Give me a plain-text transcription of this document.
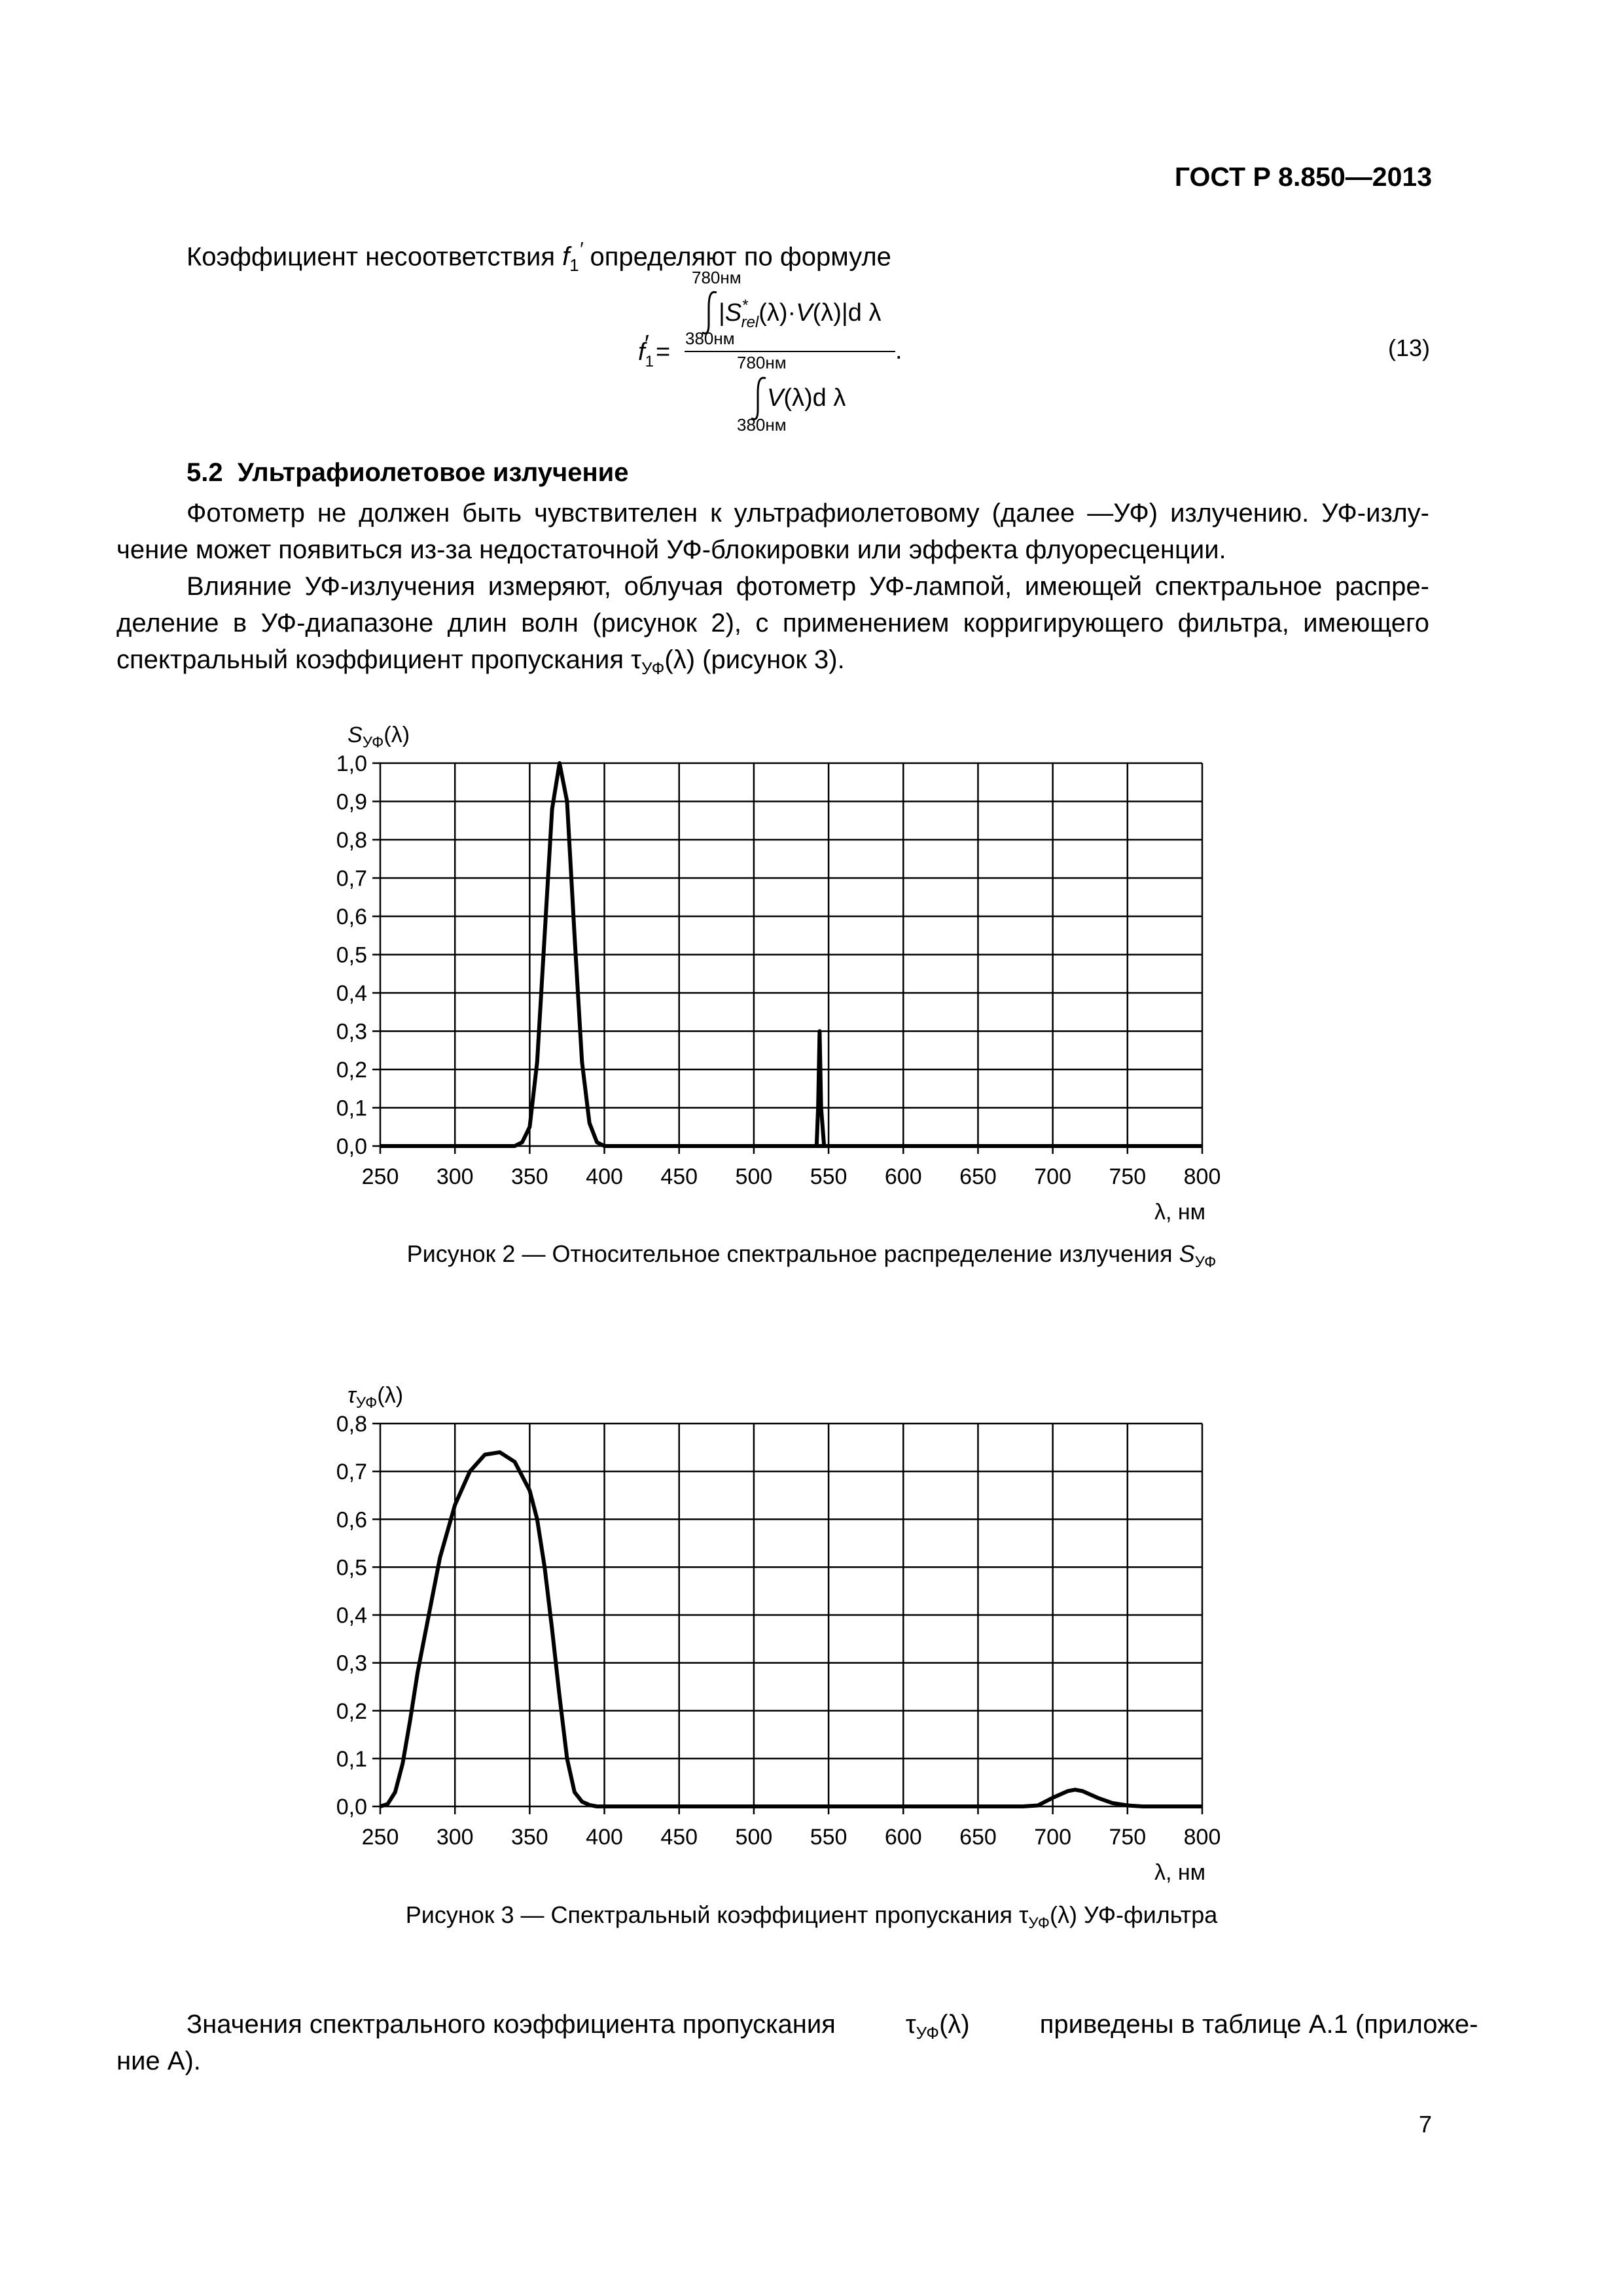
ГОСТ Р 8.850—2013
Коэффициент несоответствия $f_1'$ определяют по формуле
780нм
380нм
780нм
380нм
|S* rel(λ)·V(λ)|d λ
V(λ)d λ
$f_1'$ =	.	(13)
5.2  Ультрафиолетовое излучение
Фотометр не должен быть чувствителен к ультрафиолетовому (далее —УФ) излучению. УФ-излу-
чение может появиться из-за недостаточной УФ-блокировки или эффекта флуоресценции.
Влияние УФ-излучения измеряют, облучая фотометр УФ-лампой, имеющей спектральное распре-
деление в УФ-диапазоне длин волн (рисунок 2), с применением корригирующего фильтра, имеющего
спектральный коэффициент пропускания $\tau_{УФ}(\lambda)$ (рисунок 3).
250 300 350 400 450 500 550 600 650 700 750 800
0,0
0,1
0,2
0,3
0,4
0,5
0,6
0,7
0,8
0,9
1,0
$S_{УФ}(\lambda)$
λ, нм
Рисунок 2 — Относительное спектральное распределение излучения $S_{УФ}$
250 300 350 400 450 500 550 600 650 700 750 800
0,0
0,1
0,2
0,3
0,4
0,5
0,6
0,7
0,8
$\tau_{УФ}(\lambda)$
λ, нм
Рисунок 3 — Спектральный коэффициент пропускания $\tau_{УФ}(\lambda)$ УФ-фильтра
Значения спектрального коэффициента пропускания	$\tau_{УФ}(\lambda)$	приведены в таблице А.1 (приложе-
ние А).
7
